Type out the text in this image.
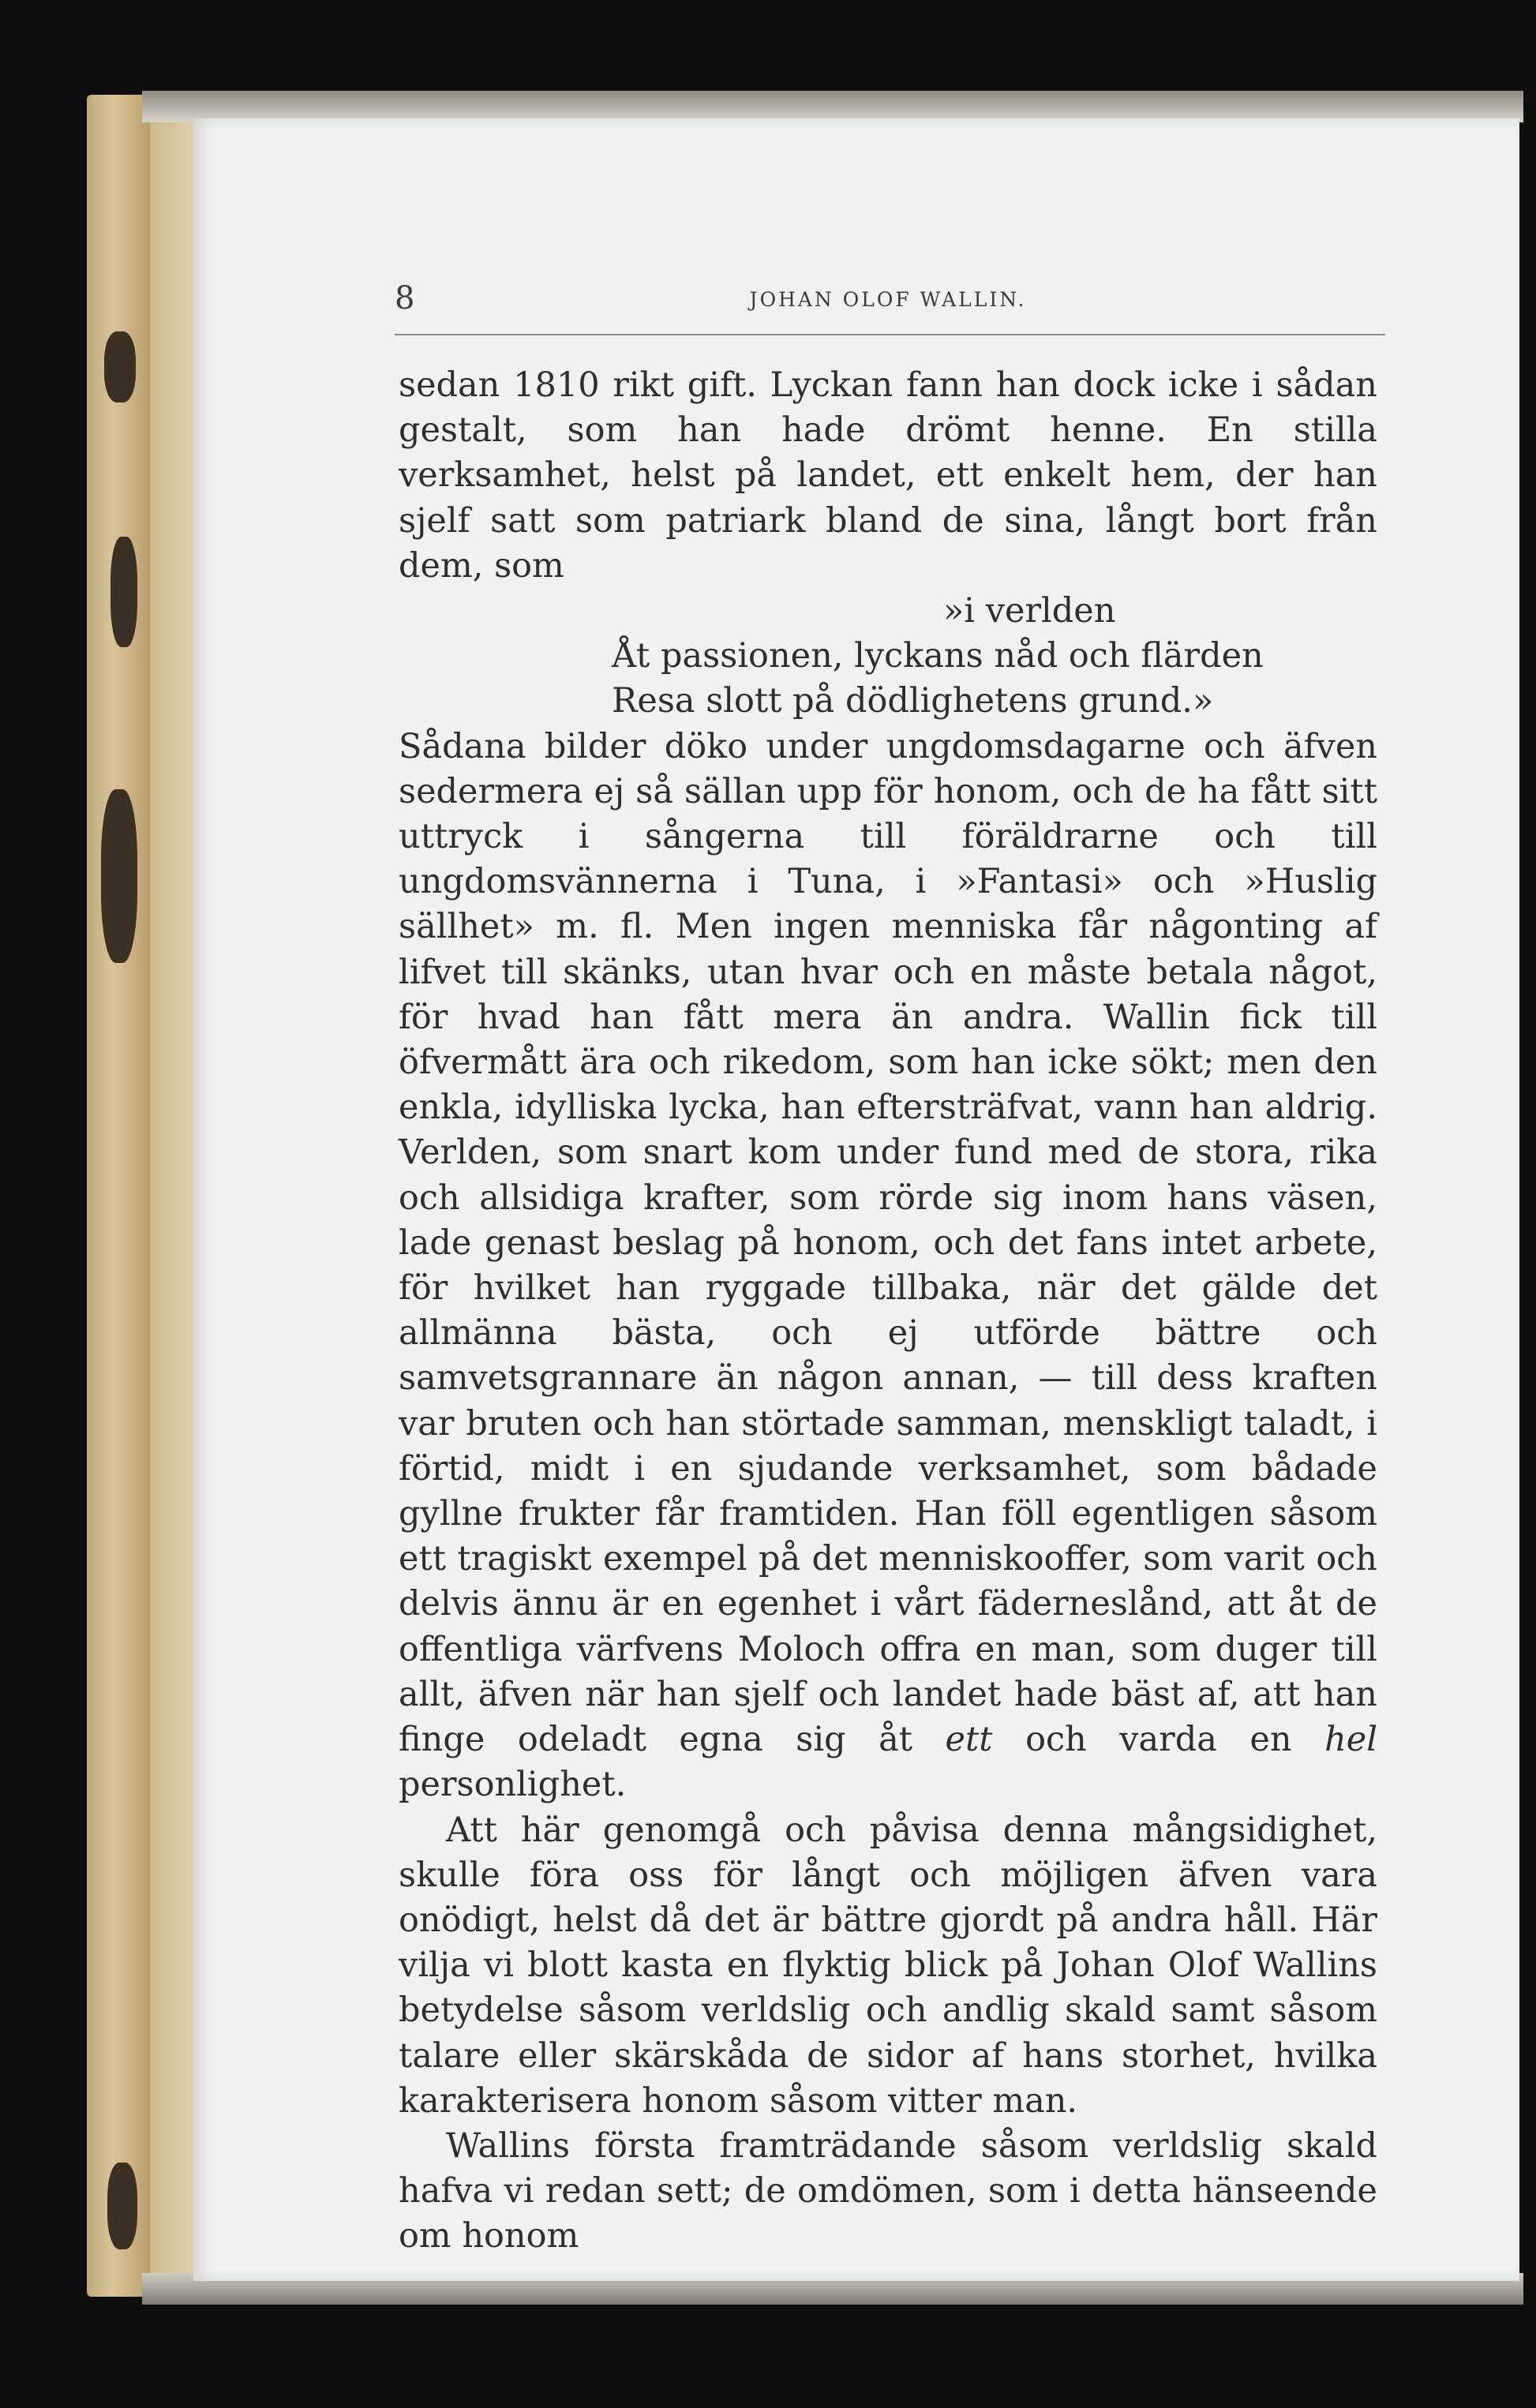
8	JOHAN OLOF WALLIN.

sedan 1810 rikt gift. Lyckan fann han dock icke i sådan gestalt, som han hade drömt henne. En stilla verksamhet, helst på landet, ett enkelt hem, der han sjelf satt som patriark bland de sina, långt bort från dem, som

»i verlden
Åt passionen, lyckans nåd och flärden
Resa slott på dödlighetens grund.»

Sådana bilder döko under ungdomsdagarne och äfven sedermera ej så sällan upp för honom, och de ha fått sitt uttryck i sångerna till föräldrarne och till ungdomsvännerna i Tuna, i »Fantasi» och »Huslig sällhet» m. fl. Men ingen menniska får någonting af lifvet till skänks, utan hvar och en måste betala något, för hvad han fått mera än andra. Wallin fick till öfvermått ära och rikedom, som han icke sökt; men den enkla, idylliska lycka, han eftersträfvat, vann han aldrig. Verlden, som snart kom under fund med de stora, rika och allsidiga krafter, som rörde sig inom hans väsen, lade genast beslag på honom, och det fans intet arbete, för hvilket han ryggade tillbaka, när det gälde det allmänna bästa, och ej utförde bättre och samvetsgrannare än någon annan, — till dess kraften var bruten och han störtade samman, menskligt taladt, i förtid, midt i en sjudande verksamhet, som bådade gyllne frukter får framtiden. Han föll egentligen såsom ett tragiskt exempel på det menniskooffer, som varit och delvis ännu är en egenhet i vårt fäderneslånd, att åt de offentliga värfvens Moloch offra en man, som duger till allt, äfven när han sjelf och landet hade bäst af, att han finge odeladt egna sig åt ett och varda en hel personlighet.

Att här genomgå och påvisa denna mångsidighet, skulle föra oss för långt och möjligen äfven vara onödigt, helst då det är bättre gjordt på andra håll. Här vilja vi blott kasta en flyktig blick på Johan Olof Wallins betydelse såsom verldslig och andlig skald samt såsom talare eller skärskåda de sidor af hans storhet, hvilka karakterisera honom såsom vitter man.

Wallins första framträdande såsom verldslig skald hafva vi redan sett; de omdömen, som i detta hänseende om honom
